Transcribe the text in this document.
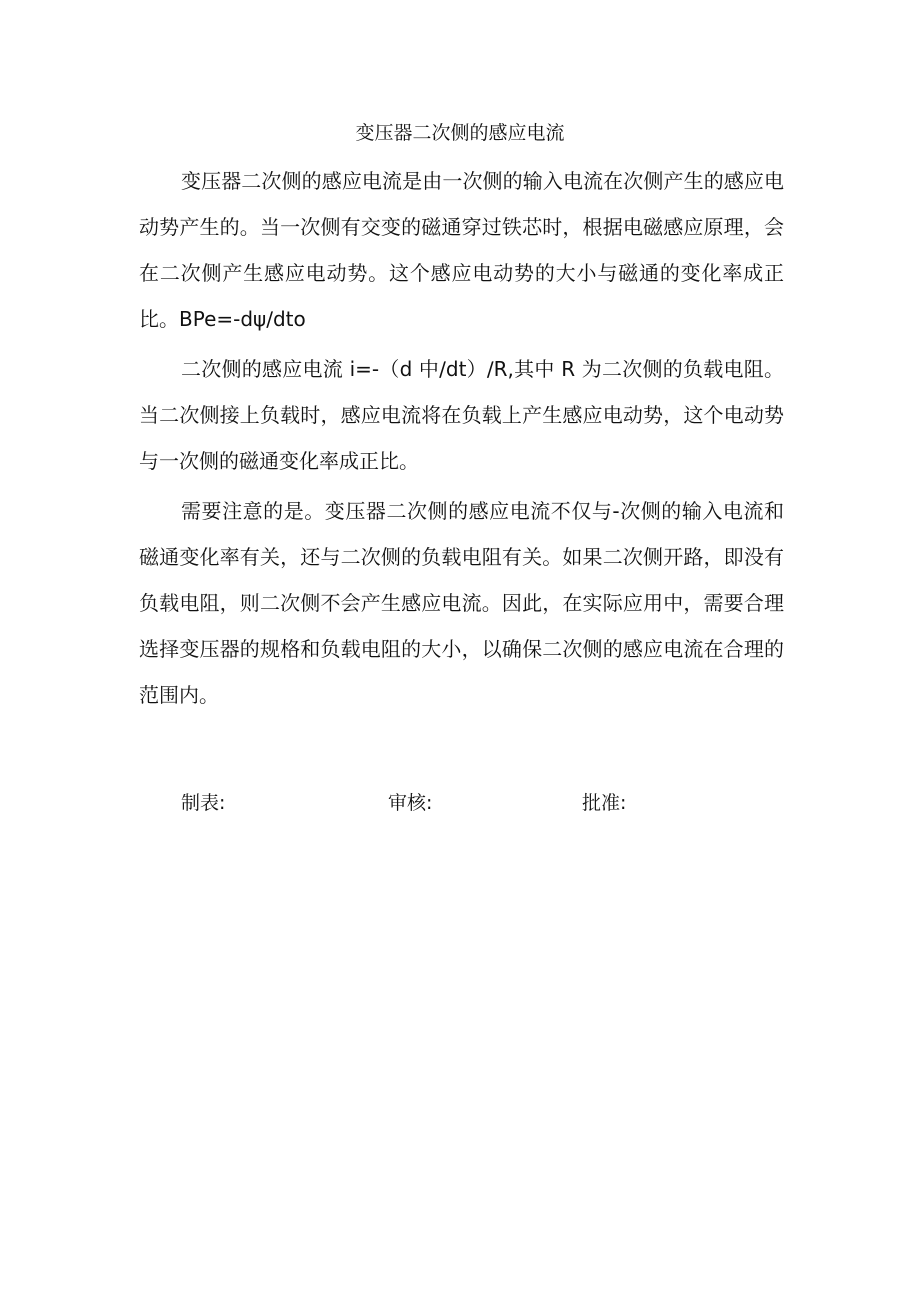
变压器二次侧的感应电流

变压器二次侧的感应电流是由一次侧的输入电流在次侧产生的感应电动势产生的。当一次侧有交变的磁通穿过铁芯时，根据电磁感应原理，会在二次侧产生感应电动势。这个感应电动势的大小与磁通的变化率成正比。BPe=-dψ∕dto

二次侧的感应电流 i=-（d 中∕dt）∕R,其中 R 为二次侧的负载电阻。当二次侧接上负载时，感应电流将在负载上产生感应电动势，这个电动势与一次侧的磁通变化率成正比。

需要注意的是。变压器二次侧的感应电流不仅与-次侧的输入电流和磁通变化率有关，还与二次侧的负载电阻有关。如果二次侧开路，即没有负载电阻，则二次侧不会产生感应电流。因此，在实际应用中，需要合理选择变压器的规格和负载电阻的大小，以确保二次侧的感应电流在合理的范围内。

制表:	审核:	批准:
